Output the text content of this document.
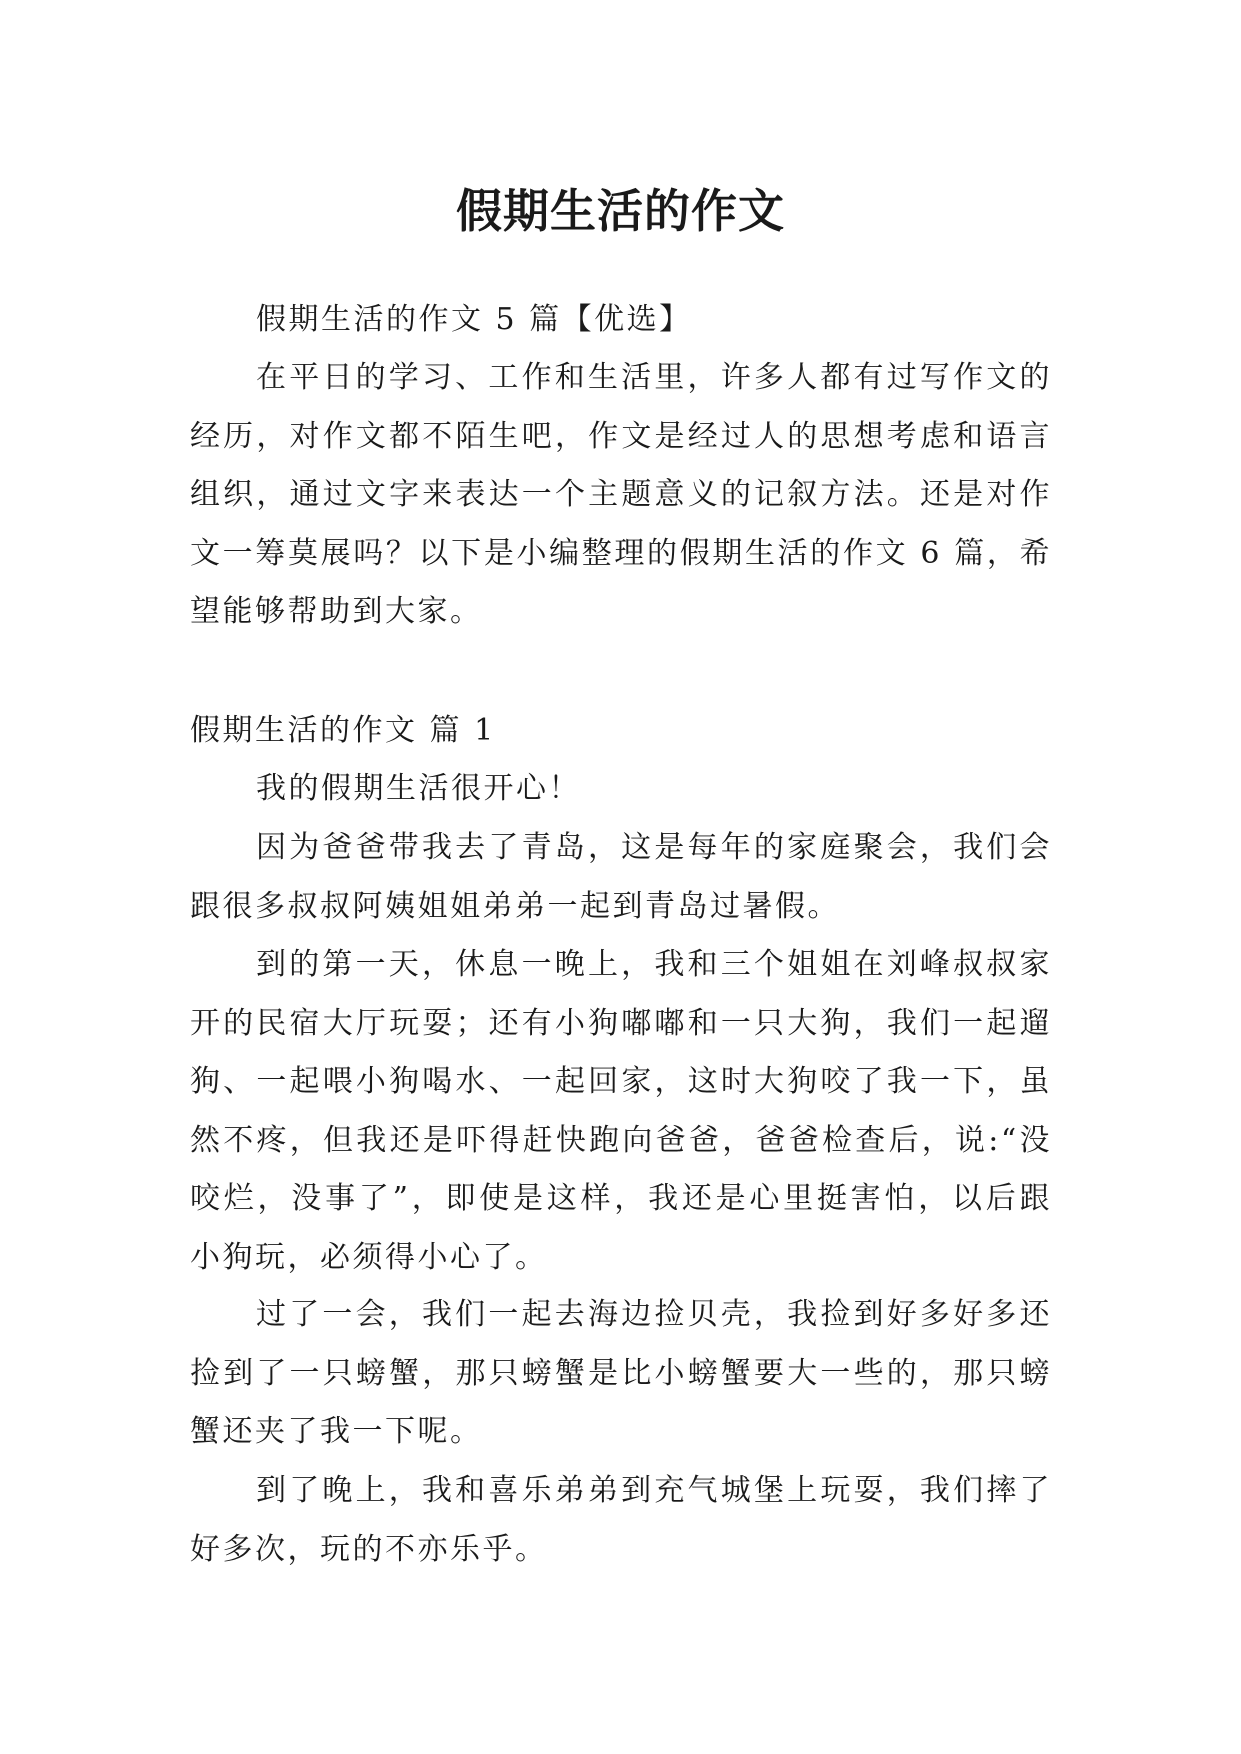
假期生活的作文

假期生活的作文 5 篇【优选】

在平日的学习、工作和生活里，许多人都有过写作文的经历，对作文都不陌生吧，作文是经过人的思想考虑和语言组织，通过文字来表达一个主题意义的记叙方法。还是对作文一筹莫展吗？以下是小编整理的假期生活的作文 6 篇，希望能够帮助到大家。

假期生活的作文 篇 1

我的假期生活很开心！

因为爸爸带我去了青岛，这是每年的家庭聚会，我们会跟很多叔叔阿姨姐姐弟弟一起到青岛过暑假。

到的第一天，休息一晚上，我和三个姐姐在刘峰叔叔家开的民宿大厅玩耍；还有小狗嘟嘟和一只大狗，我们一起遛狗、一起喂小狗喝水、一起回家，这时大狗咬了我一下，虽然不疼，但我还是吓得赶快跑向爸爸，爸爸检查后，说:“没咬烂，没事了”，即使是这样，我还是心里挺害怕，以后跟小狗玩，必须得小心了。

过了一会，我们一起去海边捡贝壳，我捡到好多好多还捡到了一只螃蟹，那只螃蟹是比小螃蟹要大一些的，那只螃蟹还夹了我一下呢。

到了晚上，我和喜乐弟弟到充气城堡上玩耍，我们摔了好多次，玩的不亦乐乎。
